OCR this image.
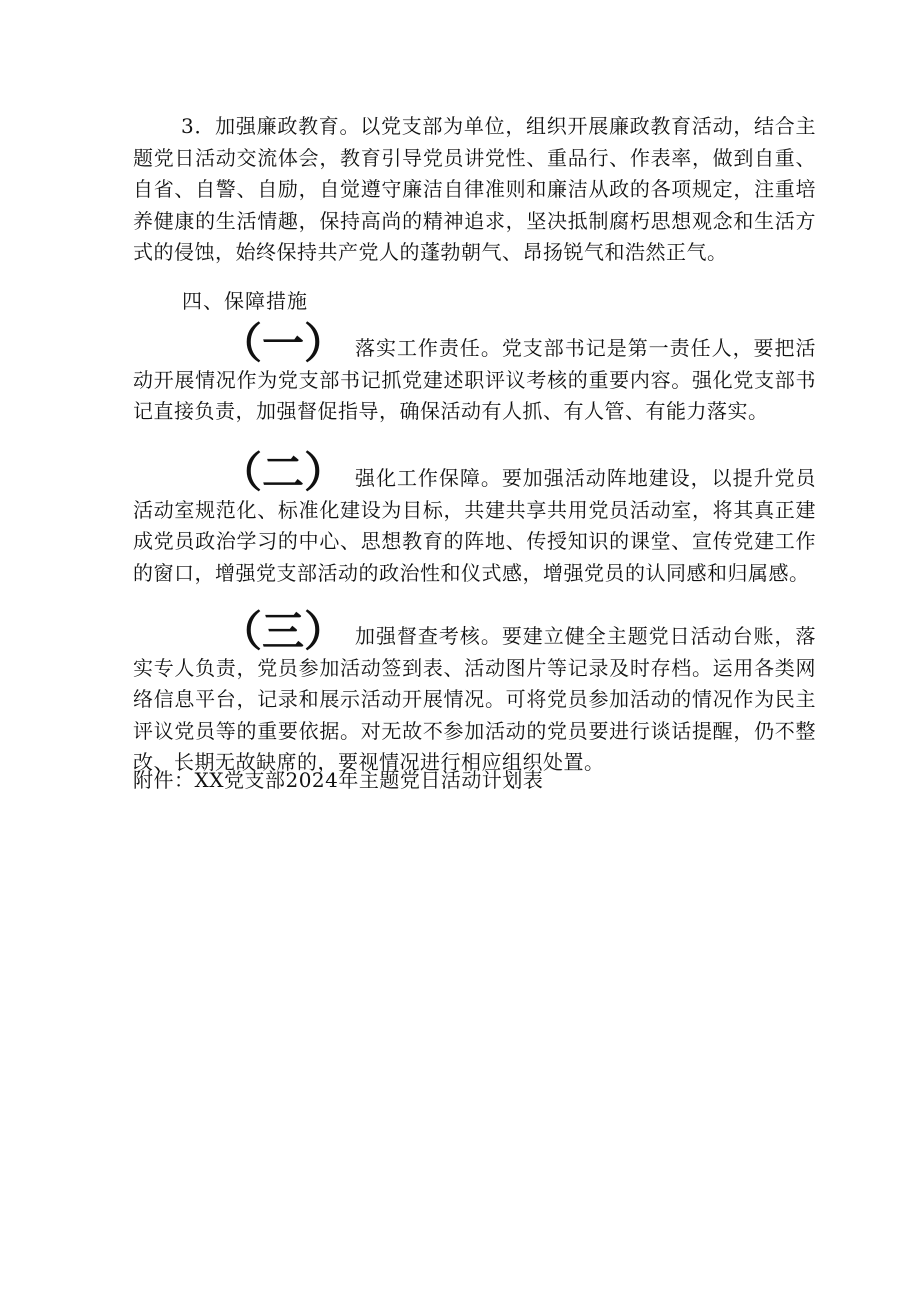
3．加强廉政教育。以党支部为单位，组织开展廉政教育活动，结合主题党日活动交流体会，教育引导党员讲党性、重品行、作表率，做到自重、自省、自警、自励，自觉遵守廉洁自律准则和廉洁从政的各项规定，注重培养健康的生活情趣，保持高尚的精神追求，坚决抵制腐朽思想观念和生活方式的侵蚀，始终保持共产党人的蓬勃朝气、昂扬锐气和浩然正气。

四、保障措施

（一） 落实工作责任。党支部书记是第一责任人，要把活动开展情况作为党支部书记抓党建述职评议考核的重要内容。强化党支部书记直接负责，加强督促指导，确保活动有人抓、有人管、有能力落实。

（二） 强化工作保障。要加强活动阵地建设，以提升党员活动室规范化、标准化建设为目标，共建共享共用党员活动室，将其真正建成党员政治学习的中心、思想教育的阵地、传授知识的课堂、宣传党建工作的窗口，增强党支部活动的政治性和仪式感，增强党员的认同感和归属感。

（三） 加强督查考核。要建立健全主题党日活动台账，落实专人负责，党员参加活动签到表、活动图片等记录及时存档。运用各类网络信息平台，记录和展示活动开展情况。可将党员参加活动的情况作为民主评议党员等的重要依据。对无故不参加活动的党员要进行谈话提醒，仍不整改、长期无故缺席的，要视情况进行相应组织处置。

附件：XX党支部2024年主题党日活动计划表
